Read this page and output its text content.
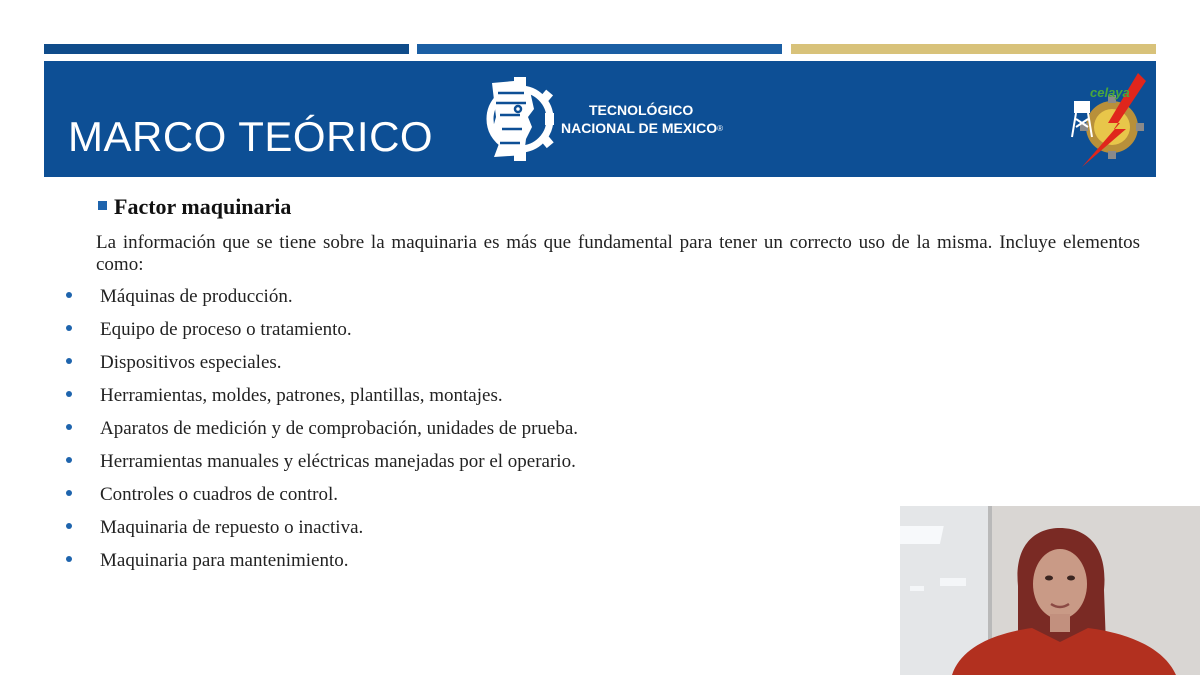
MARCO TEÓRICO
TECNOLÓGICO
NACIONAL DE MEXICO®
celaya
Factor maquinaria

La información que se tiene sobre la maquinaria es más que fundamental para tener un correcto uso de la misma. Incluye elementos como:

Máquinas de producción.
Equipo de proceso o tratamiento.
Dispositivos especiales.
Herramientas, moldes, patrones, plantillas, montajes.
Aparatos de medición y de comprobación, unidades de prueba.
Herramientas manuales y eléctricas manejadas por el operario.
Controles o cuadros de control.
Maquinaria de repuesto o inactiva.
Maquinaria para mantenimiento.
